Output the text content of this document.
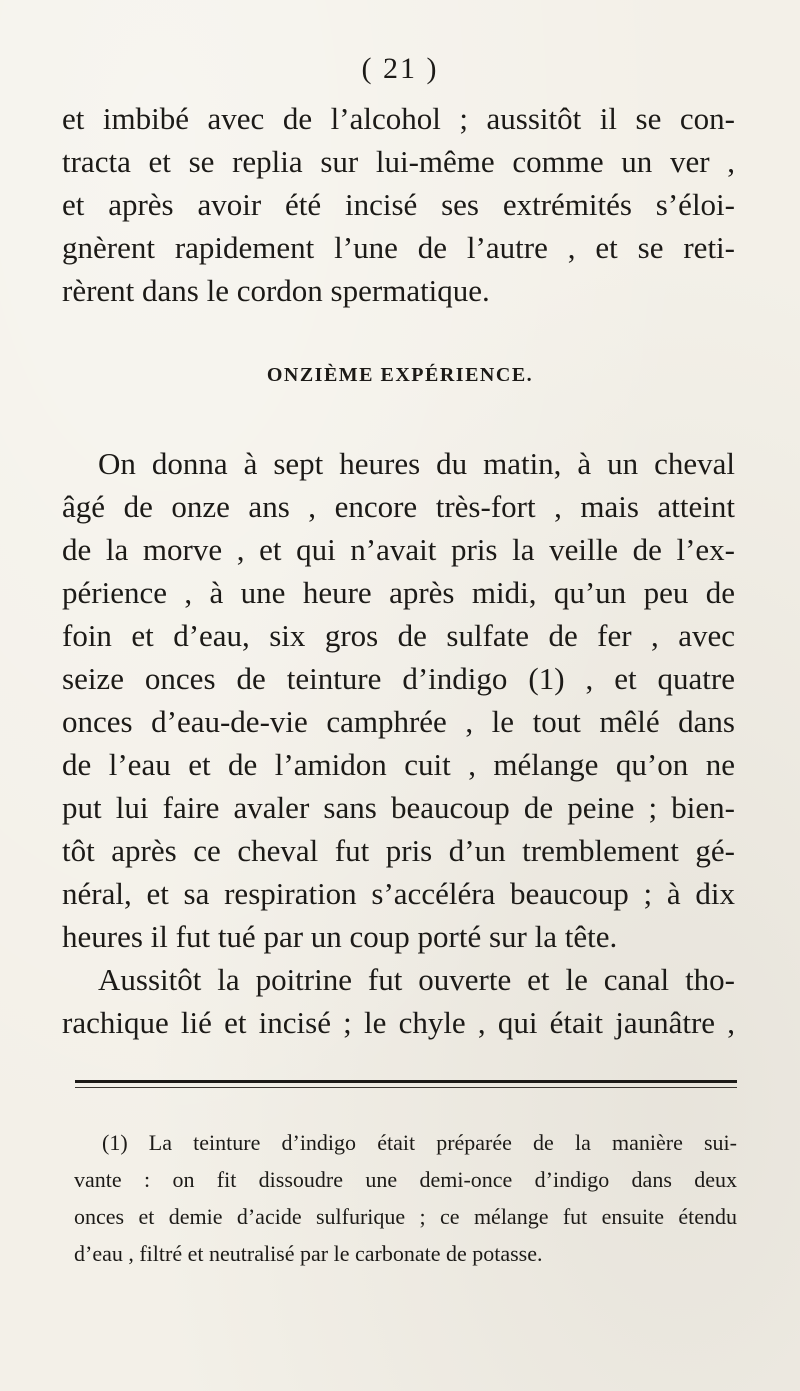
( 21 )
et imbibé avec de l’alcohol ; aussitôt il se con-
tracta et se replia sur lui-même comme un ver ,
et après avoir été incisé ses extrémités s’éloi-
gnèrent rapidement l’une de l’autre , et se reti-
rèrent dans le cordon spermatique.
ONZIÈME EXPÉRIENCE.
On donna à sept heures du matin, à un cheval
âgé de onze ans , encore très-fort , mais atteint
de la morve , et qui n’avait pris la veille de l’ex-
périence , à une heure après midi, qu’un peu de
foin et d’eau, six gros de sulfate de fer , avec
seize onces de teinture d’indigo (1) , et quatre
onces d’eau-de-vie camphrée , le tout mêlé dans
de l’eau et de l’amidon cuit , mélange qu’on ne
put lui faire avaler sans beaucoup de peine ; bien-
tôt après ce cheval fut pris d’un tremblement gé-
néral, et sa respiration s’accéléra beaucoup ; à dix
heures il fut tué par un coup porté sur la tête.
Aussitôt la poitrine fut ouverte et le canal tho-
rachique lié et incisé ; le chyle , qui était jaunâtre ,
(1) La teinture d’indigo était préparée de la manière sui-
vante : on fit dissoudre une demi-once d’indigo dans deux
onces et demie d’acide sulfurique ; ce mélange fut ensuite étendu
d’eau , filtré et neutralisé par le carbonate de potasse.
